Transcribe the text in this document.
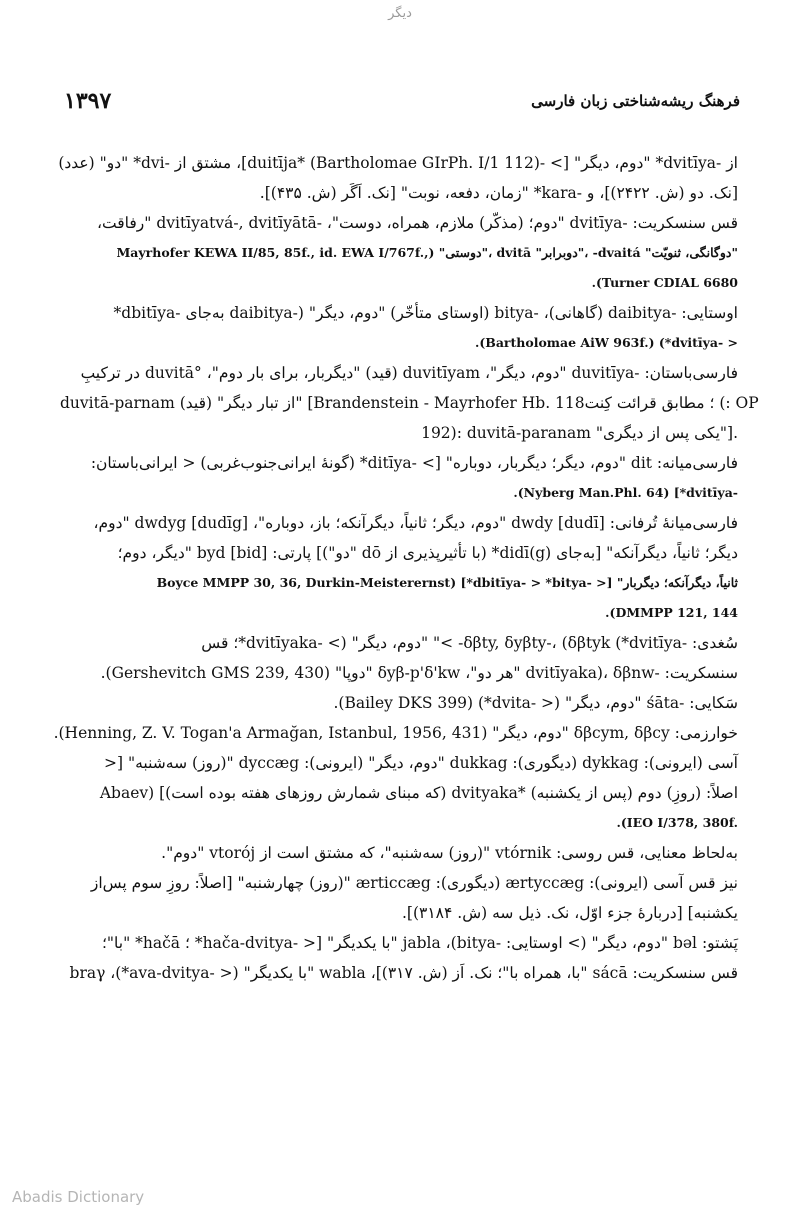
دیگر
۱۳۹۷	فرهنگ ریشه‌شناختی زبان فارسی
از -dvitīya* "دوم، دیگر" [> -duitīja* (Bartholomae GIrPh. I/1 112)]، مشتق از -dvi* "دو" (عدد)
[نک. دو (ش. ۲۴۲۲)]، و -kara* "زمان، دفعه، نوبت" [نک. اَگَر (ش. ۴۳۵)].
قس سنسکریت: -dvitīya "دوم؛ (مذکّر) ملازم، همراه، دوست"، -dvitīyatvá-, dvitīyātā "رفاقت،
Mayrhofer KEWA II/85, 85f., id. EWA I/767f.,) "دوستی"، dvitā "دوبرابر"، -dvaitá "دوگانگی، ثنویّت"
.(Turner CDIAL 6680
اوستایی: -daibitya (گاهانی)، -bitya (اوستای متأخّر) "دوم، دیگر" (-daibitya به‌جای -dbitīya*
.(Bartholomae AiW 963f.) (*dvitīya- >
فارسی‌باستان: -duvitīya "دوم، دیگر"، duvitīyam (قید) "دیگربار، برای بار دوم"، °duvitā در ترکیبِ
duvitā-parnam (قید) "از تبار دیگر" [Brandenstein - Mayrhofer Hb. 118؛ مطابق قرائت کِنت (: OP
192): duvitā-paranam "یکی پس از دیگری"].
فارسی‌میانه: dit "دوم، دیگر؛ دیگربار، دوباره" [> -ditīya* (گونهٔ ایرانی‌جنوب‌غربی) < ایرانی‌باستان:
.(Nyberg Man.Phl. 64) [*dvitīya-
فارسی‌میانهٔ تُرفانی: [dudī] dwdy "دوم، دیگر؛ ثانیاً، دیگرآنکه؛ باز، دوباره"، [dudīg] dwdyg "دوم،
دیگر؛ ثانیاً، دیگرآنکه" [به‌جای (didī(g* (با تأثیرپذیری از dō "دو")] پارتی: [bid] byd "دیگر، دوم؛
Boyce MMPP 30, 36, Durkin-Meisterernst) [*dbitīya- > *bitya- >] "ثانیاً، دیگرآنکه؛ دیگربار
.(DMMPP 121, 144
سُغدی: -δβty, δyβty-، (δβtyk (*dvitīya- >" "دوم، دیگر" (> -dvitīyaka*؛ قس
سنسکریت: -dvitīyaka)، δβnw "هر دو"، δyβ-p'δ'kw "دوپا" (Gershevitch GMS 239, 430).
سَکایی: -śāta "دوم، دیگر" (< -dvita*) (Bailey DKS 399).
خوارزمی: δβcym, δβcy "دوم، دیگر" (Henning, Z. V. Togan'a Armağan, Istanbul, 1956, 431).
آسی (ایرونی): dykkag (دیگوری): dukkag "دوم، دیگر" (ایرونی): dyccæg "(روز) سه‌شنبه" [<
Abaev) [(که مبنای شمارش روزهای هفته بوده است) dvityaka* اصلاً: (روزِ) دوم (پس از یکشنبه)
.(IEO I/378, 380f.
به‌لحاظ معنایی، قس روسی: vtórnik "(روز) سه‌شنبه"، که مشتق است از vtorój "دوم".
نیز قس آسی (ایرونی): ærtyccæg (دیگوری): ærticcæg "(روز) چهارشنبه" [اصلاً: روزِ سوم پس‌از
یکشنبه] [دربارهٔ جزء اوّل، نک. ذیل سه (ش. ۳۱۸۴)].
پَشتو: bəl "دوم، دیگر" (> اوستایی: -bitya)، jabla "با یکدیگر" [< -hača-dvitya* ؛ hačā* "با"؛
قس سنسکریت: sácā "با، همراه با"؛ نک. اَز (ش. ۳۱۷)]، wabla "با یکدیگر" (< -ava-dvitya*)، braγ
Abadis Dictionary
